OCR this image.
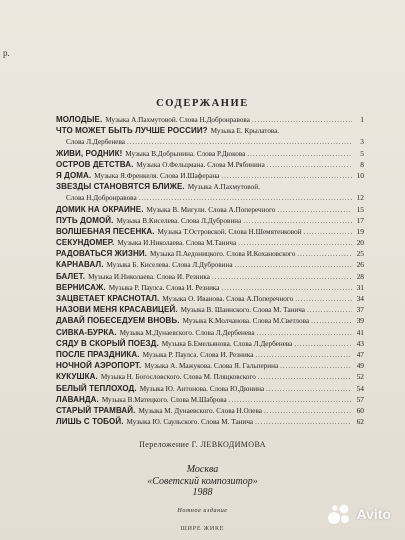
р.
СОДЕРЖАНИЕ
МОЛОДЫЕ. Музыка А.Пахмутовой. Слова Н.Добронравова .....	1
ЧТО МОЖЕТ БЫТЬ ЛУЧШЕ РОССИИ? Музыка Е. Крылатова.
Слова Л.Дербенева .....	3
ЖИВИ, РОДНИК! Музыка В.Добрынина. Слова Р.Дюкова .....	5
ОСТРОВ ДЕТСТВА. Музыка О.Фельцмана. Слова М.Рябинина .....	8
Я ДОМА. Музыка Я.Френкеля. Слова И.Шаферана .....	10
ЗВЕЗДЫ СТАНОВЯТСЯ БЛИЖЕ. Музыка А.Пахмутовой.
Слова Н.Добронравова .....	12
ДОМИК НА ОКРАИНЕ. Музыка В. Мигули. Слова А.Поперечного .....	15
ПУТЬ ДОМОЙ. Музыка В.Киселева. Слова Л.Дубровина .....	17
ВОЛШЕБНАЯ ПЕСЕНКА. Музыка Т.Островской. Слова Н.Шемятенковой .....	19
СЕКУНДОМЕР. Музыка И.Николаева. Слова М.Танича .....	20
РАДОВАТЬСЯ ЖИЗНИ. Музыка П.Аедоницкого. Слова И.Кохановского .....	25
КАРНАВАЛ. Музыка Б. Киселева. Слова Л.Дубровина .....	26
БАЛЕТ. Музыка И.Николаева. Слова И. Резника .....	28
ВЕРНИСАЖ. Музыка Р. Паулса. Слова И. Резника .....	31
ЗАЦВЕТАЕТ КРАСНОТАЛ. Музыка О. Иванова. Слова А.Поперечного .....	34
НАЗОВИ МЕНЯ КРАСАВИЦЕЙ. Музыка В. Шаинского. Слова М. Танича .....	37
ДАВАЙ ПОБЕСЕДУЕМ ВНОВЬ. Музыка К.Молчанова. Слова М.Светлова .....	39
СИВКА-БУРКА. Музыка М.Дунаевского. Слова Л.Дербенева .....	41
СЯДУ В СКОРЫЙ ПОЕЗД. Музыка Б.Емельянова. Слова Л.Дербенева .....	43
ПОСЛЕ ПРАЗДНИКА. Музыка Р. Паулса. Слова И. Резника .....	47
НОЧНОЙ АЭРОПОРТ. Музыка А. Мажукова. Слова Я. Гальперина .....	49
КУКУШКА. Музыка Н. Богословского. Слова М. Пляцковского .....	52
БЕЛЫЙ ТЕПЛОХОД. Музыка Ю. Антонова. Слова Ю.Дюнина .....	54
ЛАВАНДА. Музыка В.Матецкого. Слова М.Шаброва .....	57
СТАРЫЙ ТРАМВАЙ. Музыка М. Дунаевского. Слова Н.Олева .....	60
ЛИШЬ С ТОБОЙ. Музыка Ю. Саульского. Слова М. Танича .....	62
Переложение Г. ЛЕВКОДИМОВА
Москва
«Советский композитор»
1988
Нотное издание
ШИРЕ ЖИКЕ
Avito
